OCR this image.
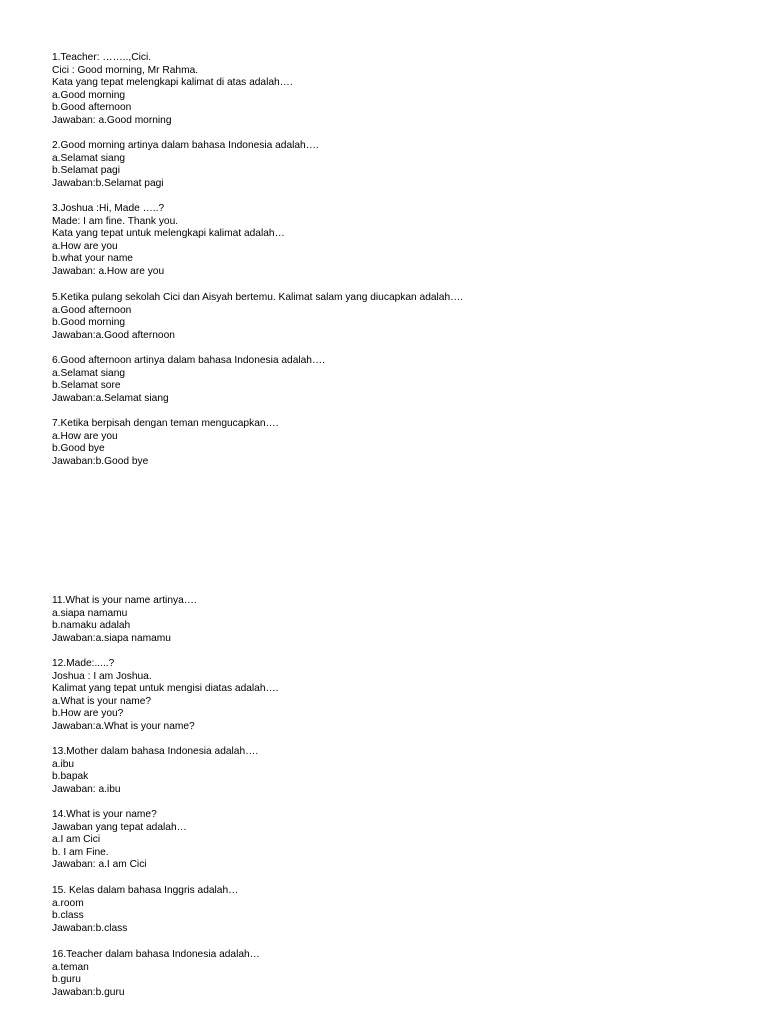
1.Teacher: ……..,Cici.
Cici : Good morning, Mr Rahma.
Kata yang tepat melengkapi kalimat di atas adalah….
a.Good morning
b.Good afternoon
Jawaban: a.Good morning
2.Good morning artinya dalam bahasa Indonesia adalah….
a.Selamat siang
b.Selamat pagi
Jawaban:b.Selamat pagi
3.Joshua :Hi, Made …..?
Made: I am fine. Thank you.
Kata yang tepat untuk melengkapi kalimat adalah…
a.How are you
b.what your name
Jawaban: a.How are you
5.Ketika pulang sekolah Cici dan Aisyah bertemu. Kalimat salam yang diucapkan adalah….
a.Good afternoon
b.Good morning
Jawaban:a.Good afternoon
6.Good afternoon artinya dalam bahasa Indonesia adalah….
a.Selamat siang
b.Selamat sore
Jawaban:a.Selamat siang
7.Ketika berpisah dengan teman mengucapkan….
a.How are you
b.Good bye
Jawaban:b.Good bye
11.What is your name artinya….
a.siapa namamu
b.namaku adalah
Jawaban:a.siapa namamu
12.Made:.....?
Joshua : I am Joshua.
Kalimat yang tepat untuk mengisi diatas adalah….
a.What is your name?
b.How are you?
Jawaban:a.What is your name?
13.Mother dalam bahasa Indonesia adalah….
a.ibu
b.bapak
Jawaban: a.ibu
14.What is your name?
Jawaban yang tepat adalah…
a.I am Cici
b. I am Fine.
Jawaban: a.I am Cici
15. Kelas dalam bahasa Inggris adalah…
a.room
b.class
Jawaban:b.class
16.Teacher dalam bahasa Indonesia adalah…
a.teman
b.guru
Jawaban:b.guru
